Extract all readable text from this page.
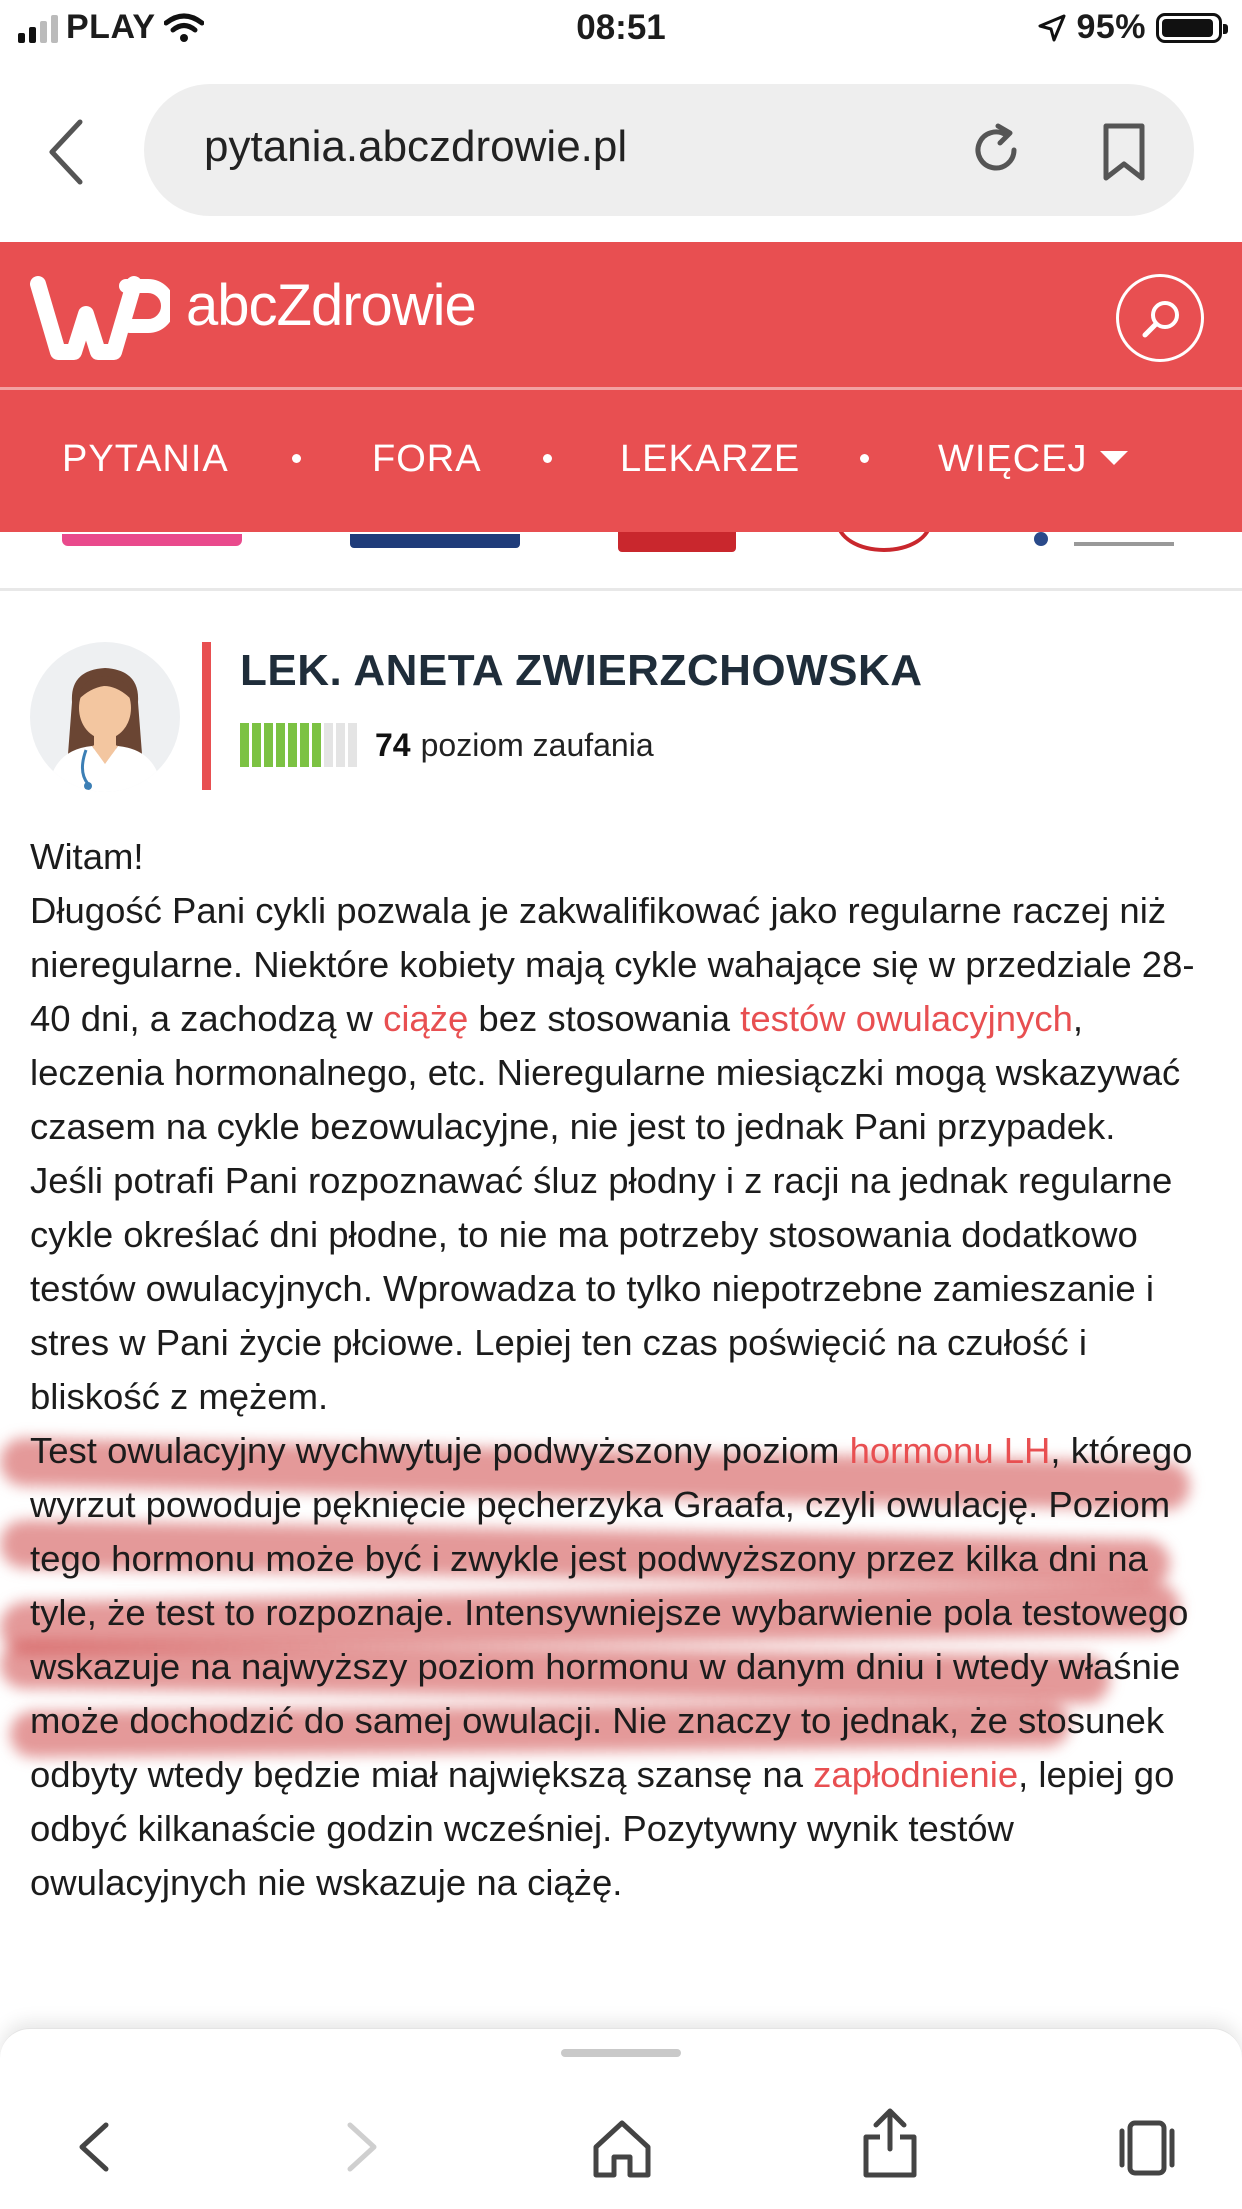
PLAY	08:51	95%
pytania.abczdrowie.pl
abcZdrowie
PYTANIA	FORA	LEKARZE	WIĘCEJ
LEK. ANETA ZWIERZCHOWSKA
74 poziom zaufania

Witam!

Długość Pani cykli pozwala je zakwalifikować jako regularne raczej niż nieregularne. Niektóre kobiety mają cykle wahające się w przedziale 28-40 dni, a zachodzą w ciążę bez stosowania testów owulacyjnych, leczenia hormonalnego, etc. Nieregularne miesiączki mogą wskazywać czasem na cykle bezowulacyjne, nie jest to jednak Pani przypadek.

Jeśli potrafi Pani rozpoznawać śluz płodny i z racji na jednak regularne cykle określać dni płodne, to nie ma potrzeby stosowania dodatkowo testów owulacyjnych. Wprowadza to tylko niepotrzebne zamieszanie i stres w Pani życie płciowe. Lepiej ten czas poświęcić na czułość i bliskość z mężem.

Test owulacyjny wychwytuje podwyższony poziom hormonu LH, którego wyrzut powoduje pęknięcie pęcherzyka Graafa, czyli owulację. Poziom tego hormonu może być i zwykle jest podwyższony przez kilka dni na tyle, że test to rozpoznaje. Intensywniejsze wybarwienie pola testowego wskazuje na najwyższy poziom hormonu w danym dniu i wtedy właśnie może dochodzić do samej owulacji. Nie znaczy to jednak, że stosunek odbyty wtedy będzie miał największą szansę na zapłodnienie, lepiej go odbyć kilkanaście godzin wcześniej. Pozytywny wynik testów owulacyjnych nie wskazuje na ciążę.
